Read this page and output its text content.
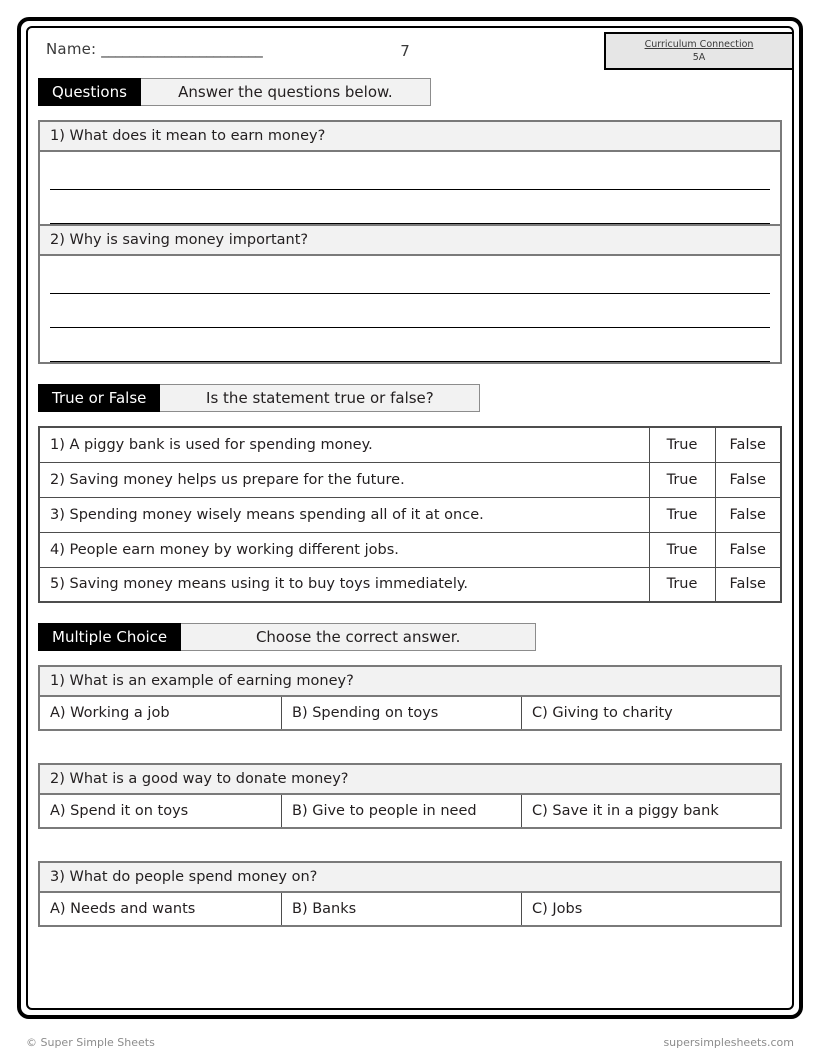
Name: _______________________	7	Curriculum Connection
5A
Questions	Answer the questions below.
1) What does it mean to earn money?
2) Why is saving money important?
True or False	Is the statement true or false?
1) A piggy bank is used for spending money.	True	False
2) Saving money helps us prepare for the future.	True	False
3) Spending money wisely means spending all of it at once.	True	False
4) People earn money by working different jobs.	True	False
5) Saving money means using it to buy toys immediately.	True	False
Multiple Choice	Choose the correct answer.
1) What is an example of earning money?
A) Working a job	B) Spending on toys	C) Giving to charity
2) What is a good way to donate money?
A) Spend it on toys	B) Give to people in need	C) Save it in a piggy bank
3) What do people spend money on?
A) Needs and wants	B) Banks	C) Jobs
© Super Simple Sheets	supersimplesheets.com
